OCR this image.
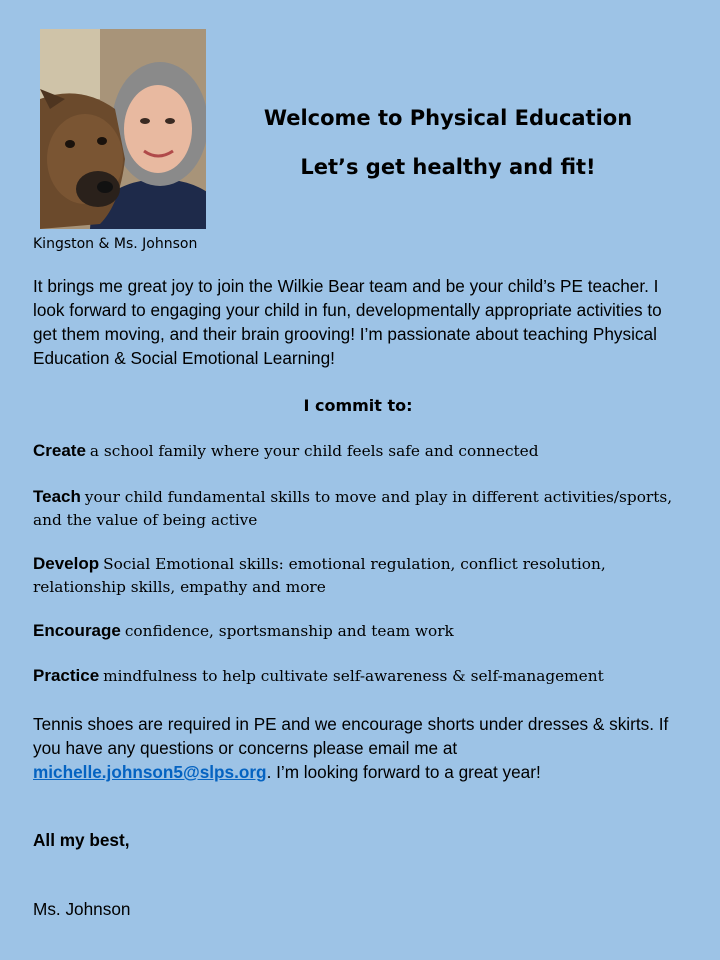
Kingston & Ms. Johnson
Welcome to Physical Education
Let’s get healthy and fit!
It brings me great joy to join the Wilkie Bear team and be your child’s PE teacher. I look forward to engaging your child in fun, developmentally appropriate activities to get them moving, and their brain grooving! I’m passionate about teaching Physical Education & Social Emotional Learning!
I commit to:
Create a school family where your child feels safe and connected
Teach your child fundamental skills to move and play in different activities/sports, and the value of being active
Develop Social Emotional skills: emotional regulation, conflict resolution, relationship skills, empathy and more
Encourage confidence, sportsmanship and team work
Practice mindfulness to help cultivate self-awareness & self-management
Tennis shoes are required in PE and we encourage shorts under dresses & skirts. If you have any questions or concerns please email me at michelle.johnson5@slps.org. I’m looking forward to a great year!
All my best,
Ms. Johnson
